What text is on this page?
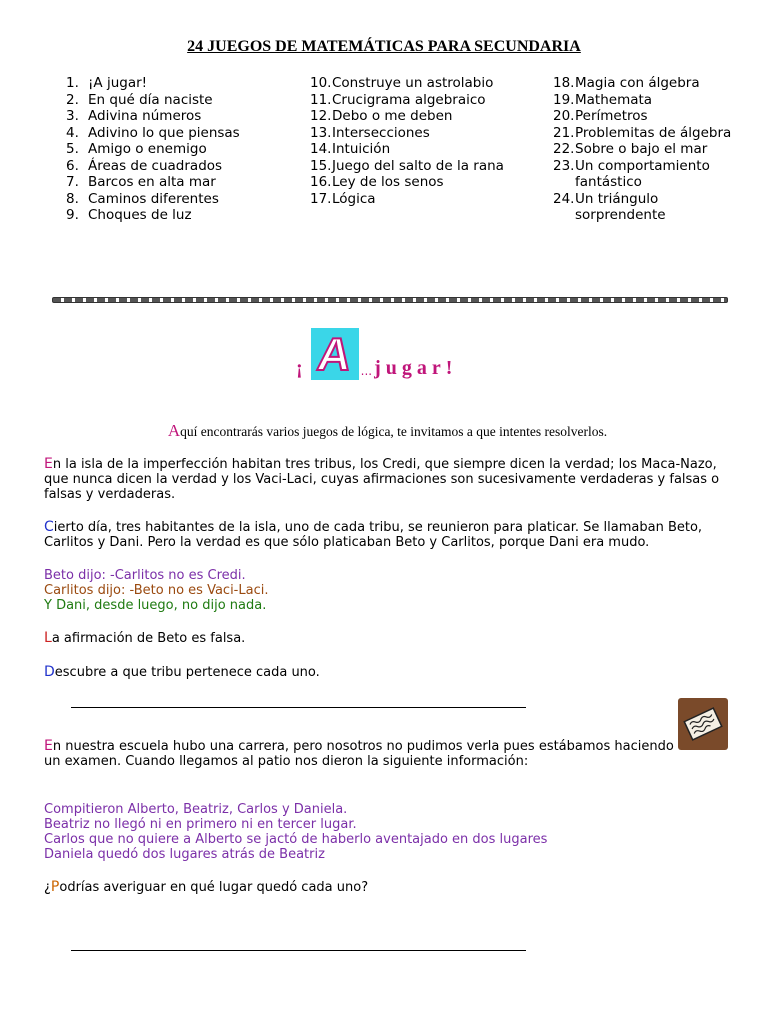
24 JUEGOS DE MATEMÁTICAS PARA SECUNDARIA
1. ¡A jugar!
2. En qué día naciste
3. Adivina números
4. Adivino lo que piensas
5. Amigo o enemigo
6. Áreas de cuadrados
7. Barcos en alta mar
8. Caminos diferentes
9. Choques de luz
10. Construye un astrolabio
11. Crucigrama algebraico
12. Debo o me deben
13. Intersecciones
14. Intuición
15. Juego del salto de la rana
16. Ley de los senos
17. Lógica
18. Magia con álgebra
19. Mathemata
20. Perímetros
21. Problemitas de álgebra
22. Sobre o bajo el mar
23. Un comportamiento fantástico
24. Un triángulo sorprendente
¡ A ... jugar!
Aquí encontrarás varios juegos de lógica, te invitamos a que intentes resolverlos.
En la isla de la imperfección habitan tres tribus, los Credi, que siempre dicen la verdad; los Maca-Nazo, que nunca dicen la verdad y los Vaci-Laci, cuyas afirmaciones son sucesivamente verdaderas y falsas o falsas y verdaderas.
Cierto día, tres habitantes de la isla, uno de cada tribu, se reunieron para platicar. Se llamaban Beto, Carlitos y Dani. Pero la verdad es que sólo platicaban Beto y Carlitos, porque Dani era mudo.
Beto dijo: -Carlitos no es Credi.
Carlitos dijo: -Beto no es Vaci-Laci.
Y Dani, desde luego, no dijo nada.
La afirmación de Beto es falsa.
Descubre a que tribu pertenece cada uno.
En nuestra escuela hubo una carrera, pero nosotros no pudimos verla pues estábamos haciendo un examen. Cuando llegamos al patio nos dieron la siguiente información:
Compitieron Alberto, Beatriz, Carlos y Daniela.
Beatriz no llegó ni en primero ni en tercer lugar.
Carlos que no quiere a Alberto se jactó de haberlo aventajado en dos lugares
Daniela quedó dos lugares atrás de Beatriz
¿Podrías averiguar en qué lugar quedó cada uno?
